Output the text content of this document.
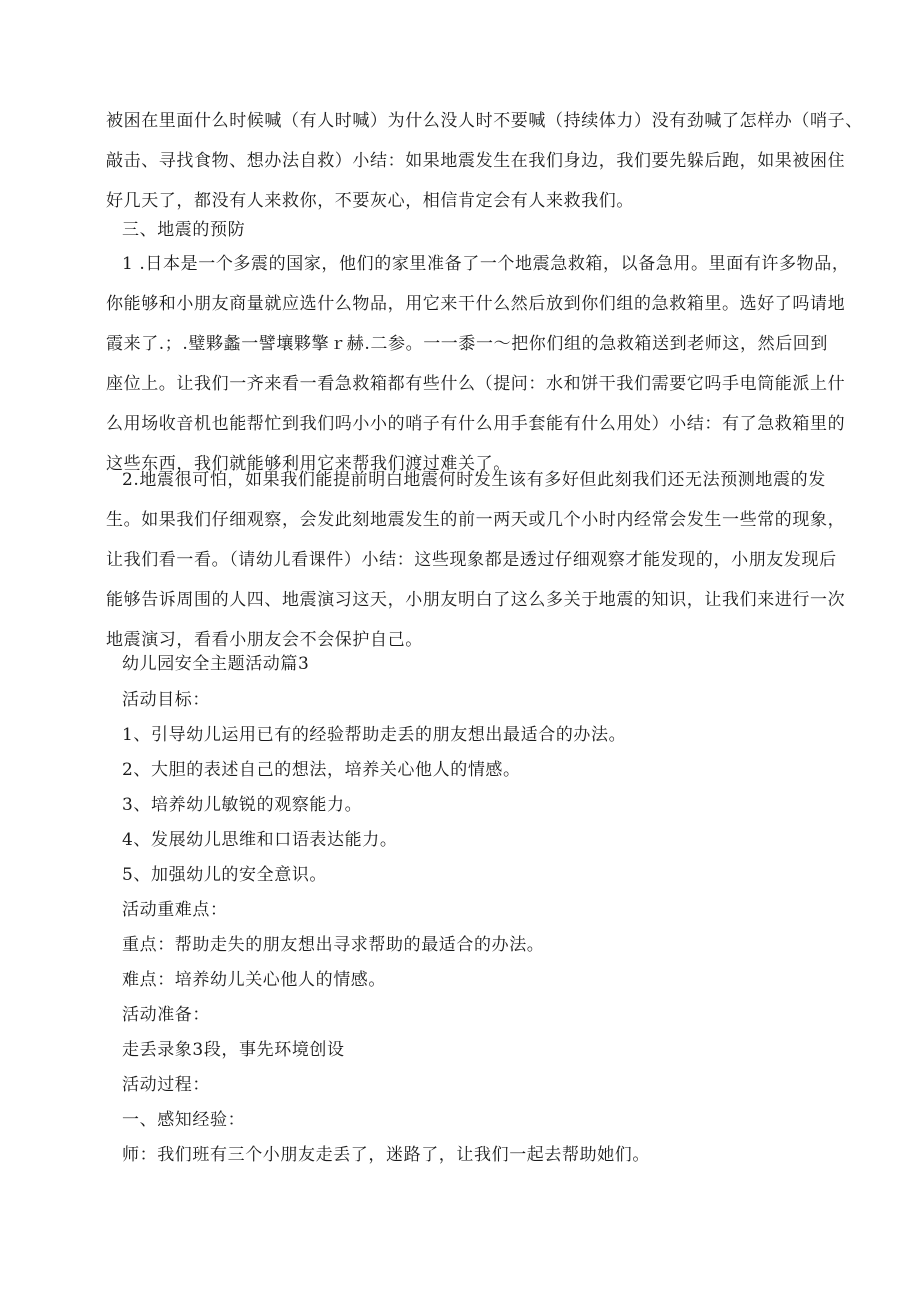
被困在里面什么时候喊（有人时喊）为什么没人时不要喊（持续体力）没有劲喊了怎样办（哨子、
敲击、寻找食物、想办法自救）小结：如果地震发生在我们身边，我们要先躲后跑，如果被困住
好几天了，都没有人来救你，不要灰心，相信肯定会有人来救我们。
三、地震的预防
1 .日本是一个多震的国家，他们的家里准备了一个地震急救箱，以备急用。里面有许多物品，
你能够和小朋友商量就应选什么物品，用它来干什么然后放到你们组的急救箱里。选好了吗请地
霞来了.；.璧夥蠡一譬壤夥擎ｒ赫.二参。一一黍一～把你们组的急救箱送到老师这，然后回到
座位上。让我们一齐来看一看急救箱都有些什么（提问：水和饼干我们需要它吗手电筒能派上什
么用场收音机也能帮忙到我们吗小小的哨子有什么用手套能有什么用处）小结：有了急救箱里的
这些东西，我们就能够利用它来帮我们渡过难关了。
2.地震很可怕，如果我们能提前明白地震何时发生该有多好但此刻我们还无法预测地震的发
生。如果我们仔细观察，会发此刻地震发生的前一两天或几个小时内经常会发生一些常的现象，
让我们看一看。（请幼儿看课件）小结：这些现象都是透过仔细观察才能发现的，小朋友发现后
能够告诉周围的人四、地震演习这天，小朋友明白了这么多关于地震的知识，让我们来进行一次
地震演习，看看小朋友会不会保护自己。
幼儿园安全主题活动篇3
活动目标：
1、引导幼儿运用已有的经验帮助走丢的朋友想出最适合的办法。
2、大胆的表述自己的想法，培养关心他人的情感。
3、培养幼儿敏锐的观察能力。
4、发展幼儿思维和口语表达能力。
5、加强幼儿的安全意识。
活动重难点：
重点：帮助走失的朋友想出寻求帮助的最适合的办法。
难点：培养幼儿关心他人的情感。
活动准备：
走丢录象3段，事先环境创设
活动过程：
一、感知经验：
师：我们班有三个小朋友走丢了，迷路了，让我们一起去帮助她们。
